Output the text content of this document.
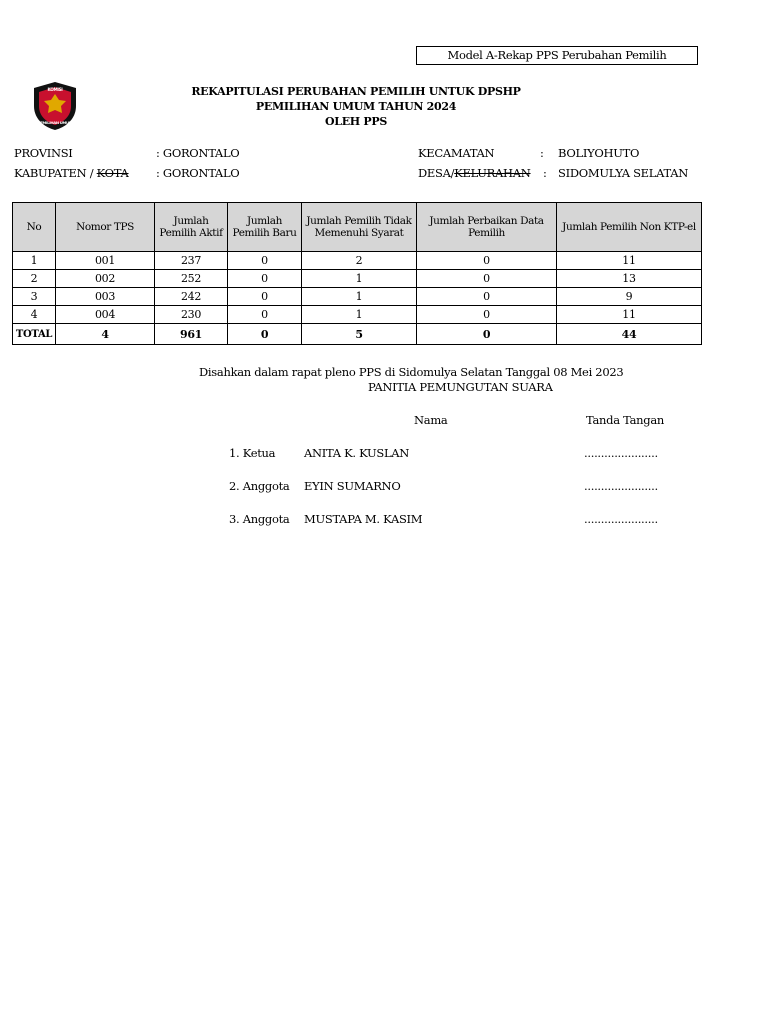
Model A-Rekap PPS Perubahan Pemilih
KOMISI
PEMILIHAN UMUM
REKAPITULASI PERUBAHAN PEMILIH UNTUK DPSHP
PEMILIHAN UMUM TAHUN 2024
OLEH PPS
PROVINSI	: GORONTALO
KABUPATEN / KOTA : GORONTALO
KECAMATAN	: BOLIYOHUTO
DESA/KELURAHAN : SIDOMULYA SELATAN
No	Nomor TPS	Jumlah Pemilih Aktif	Jumlah Pemilih Baru	Jumlah Pemilih Tidak Memenuhi Syarat	Jumlah Perbaikan Data Pemilih	Jumlah Pemilih Non KTP-el
1	001	237	0	2	0	11
2	002	252	0	1	0	13
3	003	242	0	1	0	9
4	004	230	0	1	0	11
TOTAL	4	961	0	5	0	44
Disahkan dalam rapat pleno PPS di Sidomulya Selatan Tanggal 08 Mei 2023
PANITIA PEMUNGUTAN SUARA
Nama	Tanda Tangan
1. Ketua	ANITA K. KUSLAN	......................
2. Anggota EYIN SUMARNO	......................
3. Anggota MUSTAPA M. KASIM	......................
